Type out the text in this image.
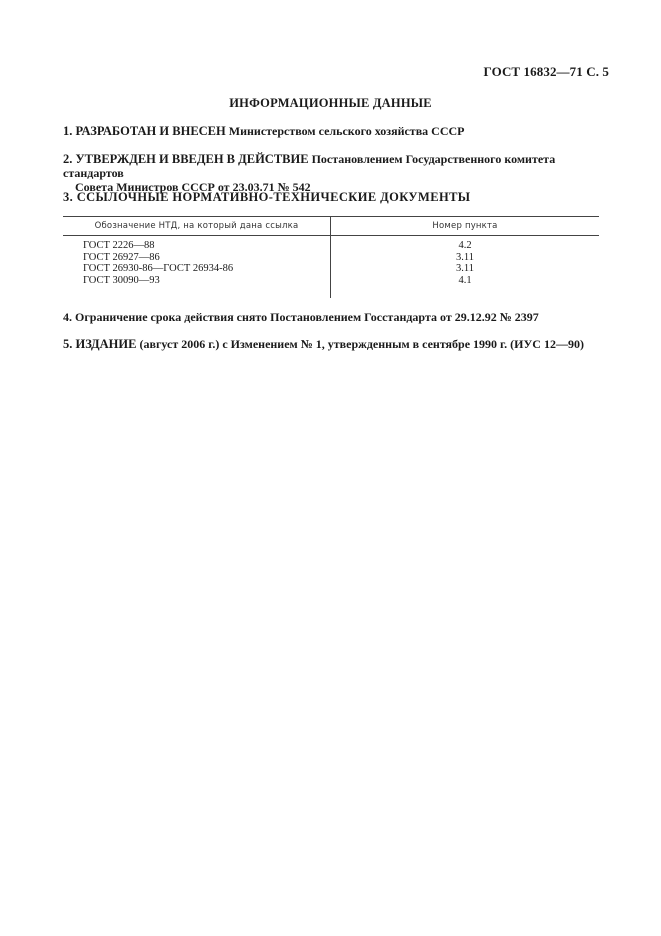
ГОСТ 16832—71 С. 5
ИНФОРМАЦИОННЫЕ ДАННЫЕ
1. РАЗРАБОТАН И ВНЕСЕН Министерством сельского хозяйства СССР
2. УТВЕРЖДЕН И ВВЕДЕН В ДЕЙСТВИЕ Постановлением Государственного комитета стандартов
Совета Министров СССР от 23.03.71 № 542
3. ССЫЛОЧНЫЕ НОРМАТИВНО-ТЕХНИЧЕСКИЕ ДОКУМЕНТЫ
Обозначение НТД, на который дана ссылка	Номер пункта
ГОСТ 2226—88	4.2
ГОСТ 26927—86	3.11
ГОСТ 26930-86—ГОСТ 26934-86	3.11
ГОСТ 30090—93	4.1
4. Ограничение срока действия снято Постановлением Госстандарта от 29.12.92 № 2397
5. ИЗДАНИЕ (август 2006 г.) с Изменением № 1, утвержденным в сентябре 1990 г. (ИУС 12—90)
